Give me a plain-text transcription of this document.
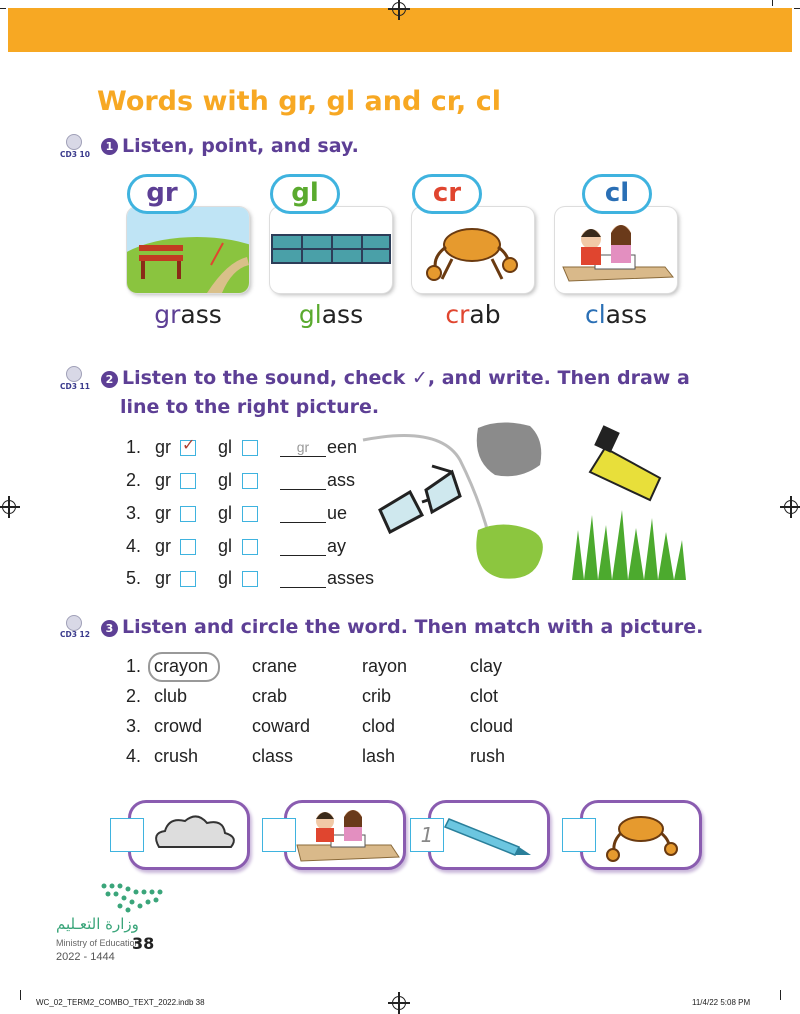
Words with gr, gl and cr, cl
CD3 10
1 Listen, point, and say.
gr
grass
gl
glass
cr
crab
cl
class
CD3 11
2 Listen to the sound, check ✓, and write. Then draw a
line to the right picture.
1. gr ✓ gl	gr een
2. gr	gl	ass
3. gr	gl	ue
4. gr	gl	ay
5. gr	gl	asses
CD3 12	3 Listen and circle the word. Then match with a picture.
1. crayon crane	rayon	clay
2. club	crab	crib	clot
3. crowd	coward	clod	cloud
4. crush	class	lash	rush
1
وزارة التعـليم
Ministry of Education
38
2022 - 1444
WC_02_TERM2_COMBO_TEXT_2022.indb 38	11/4/22 5:08 PM
